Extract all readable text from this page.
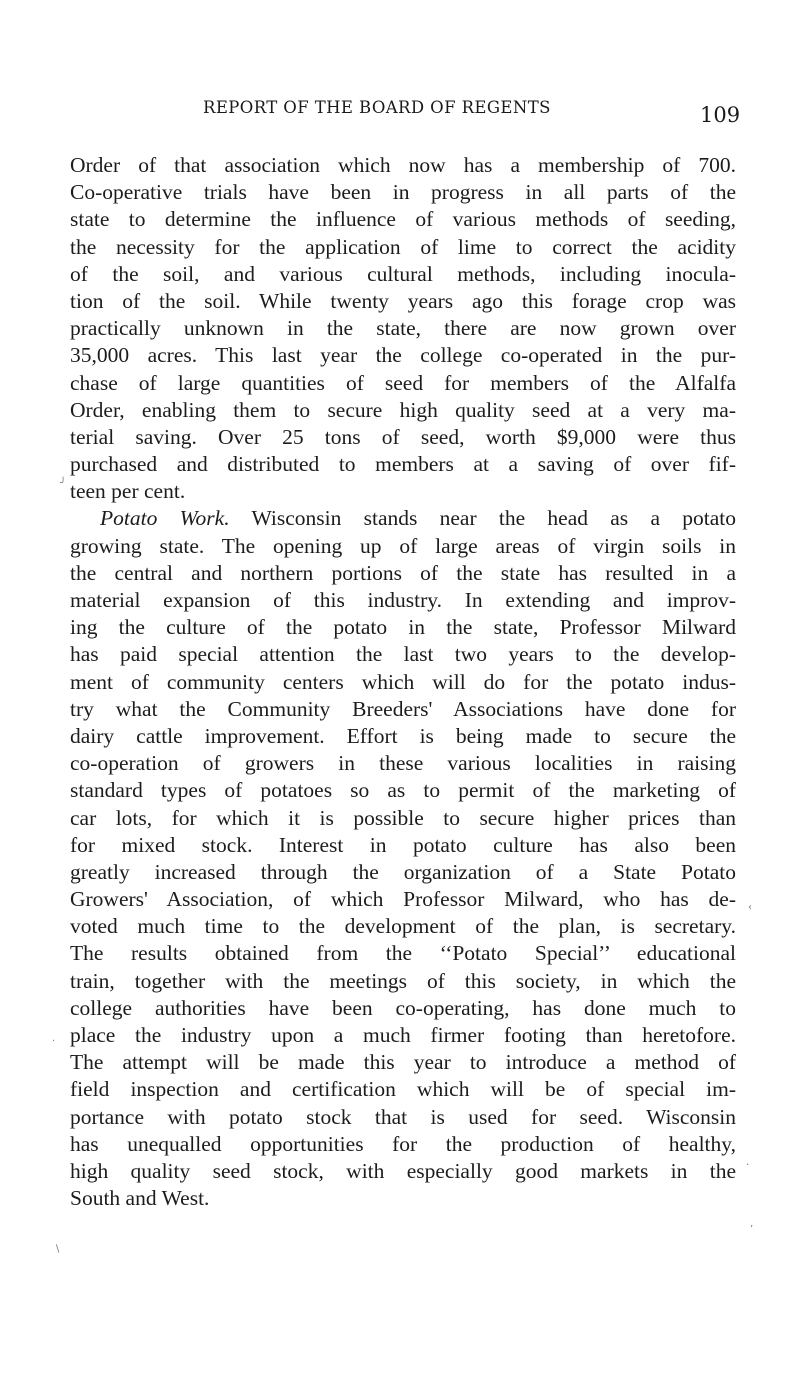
REPORT OF THE BOARD OF REGENTS	109
Order of that association which now has a membership of 700.
Co-operative trials have been in progress in all parts of the
state to determine the influence of various methods of seeding,
the necessity for the application of lime to correct the acidity
of the soil, and various cultural methods, including inocula-
tion of the soil. While twenty years ago this forage crop was
practically unknown in the state, there are now grown over
35,000 acres. This last year the college co-operated in the pur-
chase of large quantities of seed for members of the Alfalfa
Order, enabling them to secure high quality seed at a very ma-
terial saving. Over 25 tons of seed, worth $9,000 were thus
purchased and distributed to members at a saving of over fif-
teen per cent.
Potato Work. Wisconsin stands near the head as a potato
growing state. The opening up of large areas of virgin soils in
the central and northern portions of the state has resulted in a
material expansion of this industry. In extending and improv-
ing the culture of the potato in the state, Professor Milward
has paid special attention the last two years to the develop-
ment of community centers which will do for the potato indus-
try what the Community Breeders' Associations have done for
dairy cattle improvement. Effort is being made to secure the
co-operation of growers in these various localities in raising
standard types of potatoes so as to permit of the marketing of
car lots, for which it is possible to secure higher prices than
for mixed stock. Interest in potato culture has also been
greatly increased through the organization of a State Potato
Growers' Association, of which Professor Milward, who has de-
voted much time to the development of the plan, is secretary.
The results obtained from the ‘‘Potato Special’’ educational
train, together with the meetings of this society, in which the
college authorities have been co-operating, has done much to
place the industry upon a much firmer footing than heretofore.
The attempt will be made this year to introduce a method of
field inspection and certification which will be of special im-
portance with potato stock that is used for seed. Wisconsin
has unequalled opportunities for the production of healthy,
high quality seed stock, with especially good markets in the
South and West.
╯
‹
·
·
∖
’
